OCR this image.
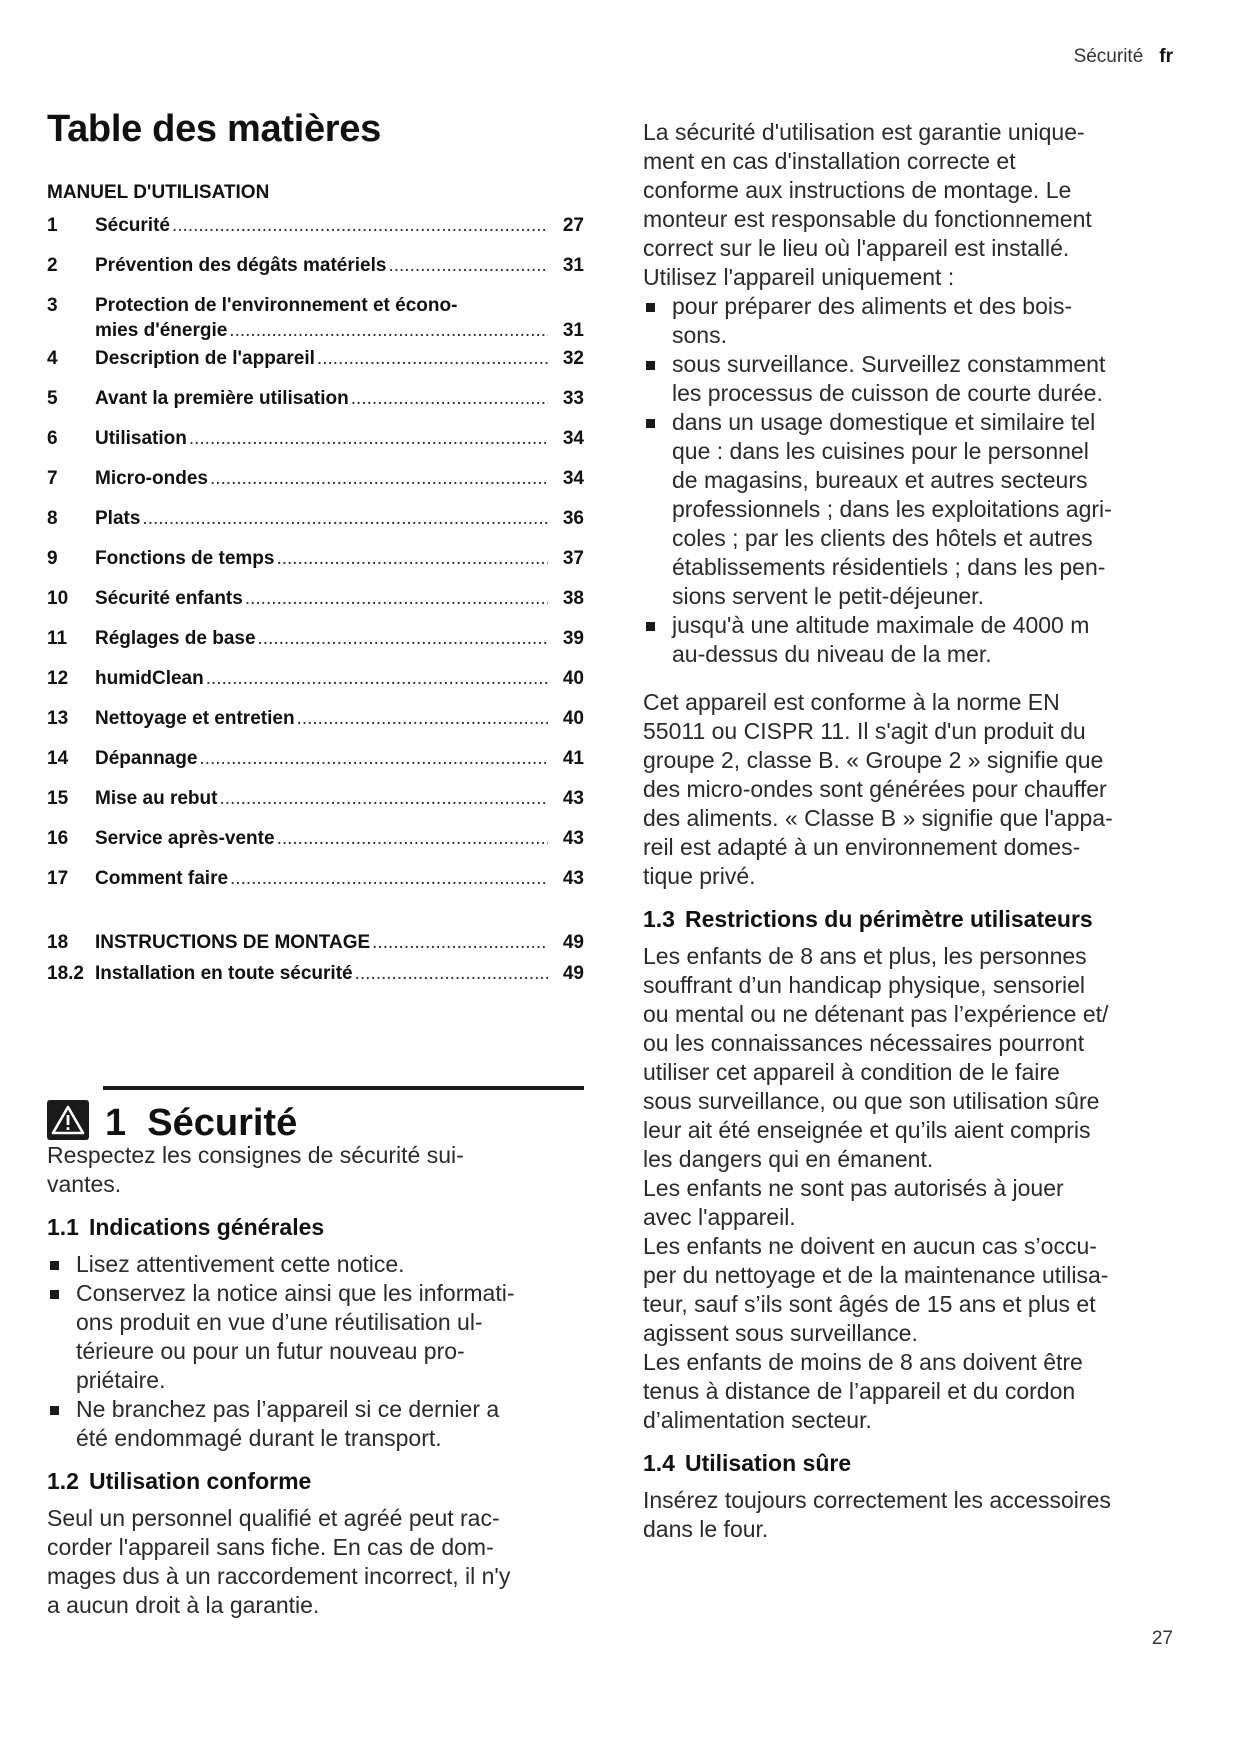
Sécurité fr
Table des matières
MANUEL D'UTILISATION
1 Sécurité .....	27
2 Prévention des dégâts matériels .....	31
3 Protection de l'environnement et écono-
mies d'énergie .....	31
4 Description de l'appareil .....	32
5 Avant la première utilisation .....	33
6 Utilisation .....	34
7 Micro-ondes .....	34
8 Plats .....	36
9 Fonctions de temps .....	37
10 Sécurité enfants .....	38
11 Réglages de base .....	39
12 humidClean .....	40
13 Nettoyage et entretien .....	40
14 Dépannage .....	41
15 Mise au rebut .....	43
16 Service après-vente .....	43
17 Comment faire .....	43
18 INSTRUCTIONS DE MONTAGE .....	49
18.2 Installation en toute sécurité .....	49
1 Sécurité

Respectez les consignes de sécurité sui-
vantes.

1.1 Indications générales
Lisez attentivement cette notice.
Conservez la notice ainsi que les informati-
ons produit en vue d’une réutilisation ul-
térieure ou pour un futur nouveau pro-
priétaire.
Ne branchez pas l’appareil si ce dernier a
été endommagé durant le transport.
1.2 Utilisation conforme

Seul un personnel qualifié et agréé peut rac-
corder l'appareil sans fiche. En cas de dom-
mages dus à un raccordement incorrect, il n'y
a aucun droit à la garantie.

La sécurité d'utilisation est garantie unique-
ment en cas d'installation correcte et
conforme aux instructions de montage. Le
monteur est responsable du fonctionnement
correct sur le lieu où l'appareil est installé.

Utilisez l'appareil uniquement :

pour préparer des aliments et des bois-
sons.
sous surveillance. Surveillez constamment
les processus de cuisson de courte durée.
dans un usage domestique et similaire tel
que : dans les cuisines pour le personnel
de magasins, bureaux et autres secteurs
professionnels ; dans les exploitations agri-
coles ; par les clients des hôtels et autres
établissements résidentiels ; dans les pen-
sions servent le petit-déjeuner.
jusqu'à une altitude maximale de 4000 m
au-dessus du niveau de la mer.

Cet appareil est conforme à la norme EN
55011 ou CISPR 11. Il s'agit d'un produit du
groupe 2, classe B. « Groupe 2 » signifie que
des micro-ondes sont générées pour chauffer
des aliments. « Classe B » signifie que l'appa-
reil est adapté à un environnement domes-
tique privé.

1.3 Restrictions du périmètre utilisateurs

Les enfants de 8 ans et plus, les personnes
souffrant d’un handicap physique, sensoriel
ou mental ou ne détenant pas l’expérience et/
ou les connaissances nécessaires pourront
utiliser cet appareil à condition de le faire
sous surveillance, ou que son utilisation sûre
leur ait été enseignée et qu’ils aient compris
les dangers qui en émanent.
Les enfants ne sont pas autorisés à jouer
avec l'appareil.
Les enfants ne doivent en aucun cas s’occu-
per du nettoyage et de la maintenance utilisa-
teur, sauf s’ils sont âgés de 15 ans et plus et
agissent sous surveillance.
Les enfants de moins de 8 ans doivent être
tenus à distance de l’appareil et du cordon
d’alimentation secteur.

1.4 Utilisation sûre

Insérez toujours correctement les accessoires
dans le four.

27
